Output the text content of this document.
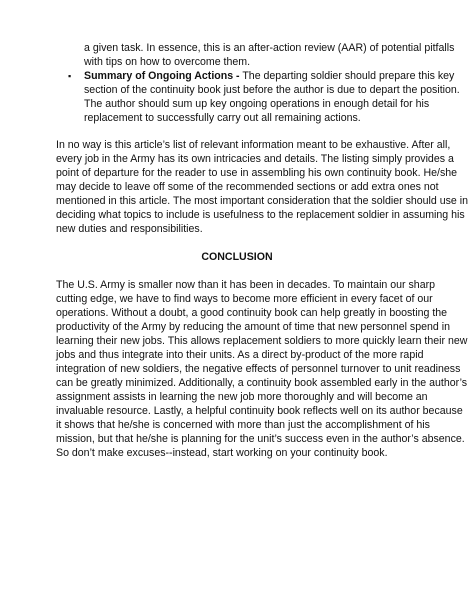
a given task. In essence, this is an after-action review (AAR) of potential pitfalls
with tips on how to overcome them.
▪ Summary of Ongoing Actions - The departing soldier should prepare this key
section of the continuity book just before the author is due to depart the position.
The author should sum up key ongoing operations in enough detail for his
replacement to successfully carry out all remaining actions.
In no way is this article’s list of relevant information meant to be exhaustive. After all,
every job in the Army has its own intricacies and details. The listing simply provides a
point of departure for the reader to use in assembling his own continuity book. He/she
may decide to leave off some of the recommended sections or add extra ones not
mentioned in this article. The most important consideration that the soldier should use in
deciding what topics to include is usefulness to the replacement soldier in assuming his
new duties and responsibilities.
CONCLUSION
The U.S. Army is smaller now than it has been in decades. To maintain our sharp
cutting edge, we have to find ways to become more efficient in every facet of our
operations. Without a doubt, a good continuity book can help greatly in boosting the
productivity of the Army by reducing the amount of time that new personnel spend in
learning their new jobs. This allows replacement soldiers to more quickly learn their new
jobs and thus integrate into their units. As a direct by-product of the more rapid
integration of new soldiers, the negative effects of personnel turnover to unit readiness
can be greatly minimized. Additionally, a continuity book assembled early in the author’s
assignment assists in learning the new job more thoroughly and will become an
invaluable resource. Lastly, a helpful continuity book reflects well on its author because
it shows that he/she is concerned with more than just the accomplishment of his
mission, but that he/she is planning for the unit’s success even in the author’s absence.
So don’t make excuses--instead, start working on your continuity book.
